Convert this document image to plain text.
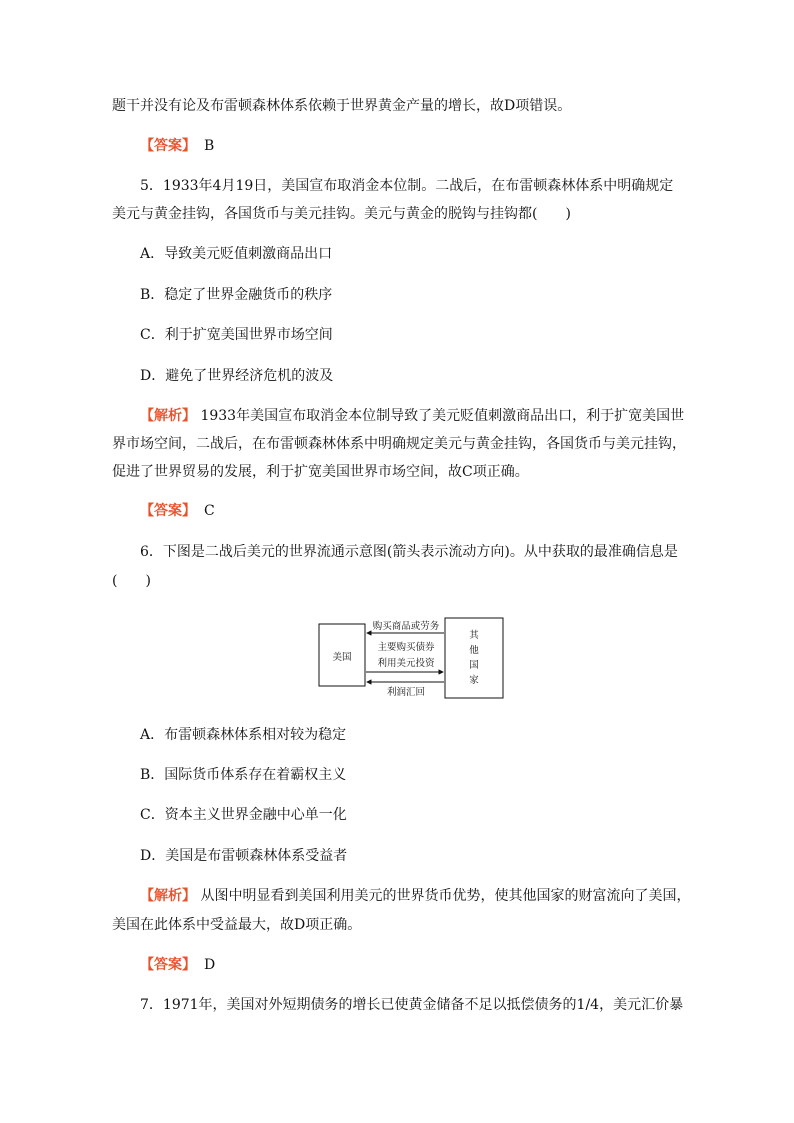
题干并没有论及布雷顿森林体系依赖于世界黄金产量的增长，故D项错误。
【答案】 B
5．1933年4月19日，美国宣布取消金本位制。二战后，在布雷顿森林体系中明确规定
美元与黄金挂钩，各国货币与美元挂钩。美元与黄金的脱钩与挂钩都(　　)
A．导致美元贬值刺激商品出口
B．稳定了世界金融货币的秩序
C．利于扩宽美国世界市场空间
D．避免了世界经济危机的波及
【解析】 1933年美国宣布取消金本位制导致了美元贬值刺激商品出口，利于扩宽美国世
界市场空间，二战后，在布雷顿森林体系中明确规定美元与黄金挂钩，各国货币与美元挂钩，
促进了世界贸易的发展，利于扩宽美国世界市场空间，故C项正确。
【答案】 C
6．下图是二战后美元的世界流通示意图(箭头表示流动方向)。从中获取的最准确信息是
(　　)
美国
其
他
国
家
购买商品或劳务
主要购买债券
利用美元投资
利润汇回
A．布雷顿森林体系相对较为稳定
B．国际货币体系存在着霸权主义
C．资本主义世界金融中心单一化
D．美国是布雷顿森林体系受益者
【解析】 从图中明显看到美国利用美元的世界货币优势，使其他国家的财富流向了美国，
美国在此体系中受益最大，故D项正确。
【答案】 D
7．1971年，美国对外短期债务的增长已使黄金储备不足以抵偿债务的1/4，美元汇价暴
